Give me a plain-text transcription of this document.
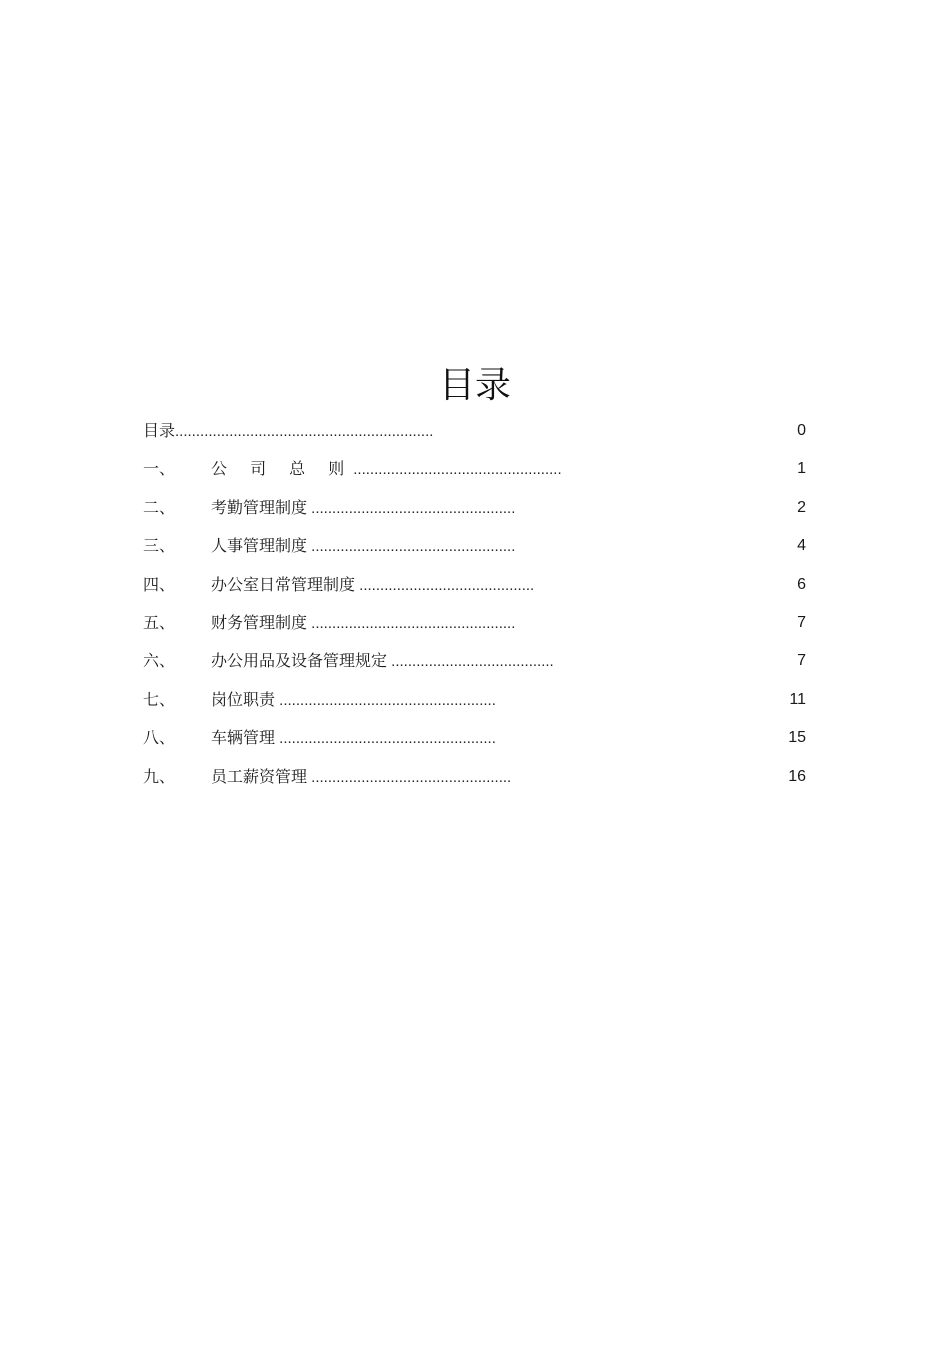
目录
目录..............................................................	0
一、 公 司 总 则..................................................	1
二、 考勤管理制度 .................................................	2
三、 人事管理制度 .................................................	4
四、 办公室日常管理制度 ..........................................	6
五、 财务管理制度 .................................................	7
六、 办公用品及设备管理规定 .......................................	7
七、 岗位职责 ....................................................	11
八、 车辆管理 ....................................................	15
九、 员工薪资管理 ................................................	16
